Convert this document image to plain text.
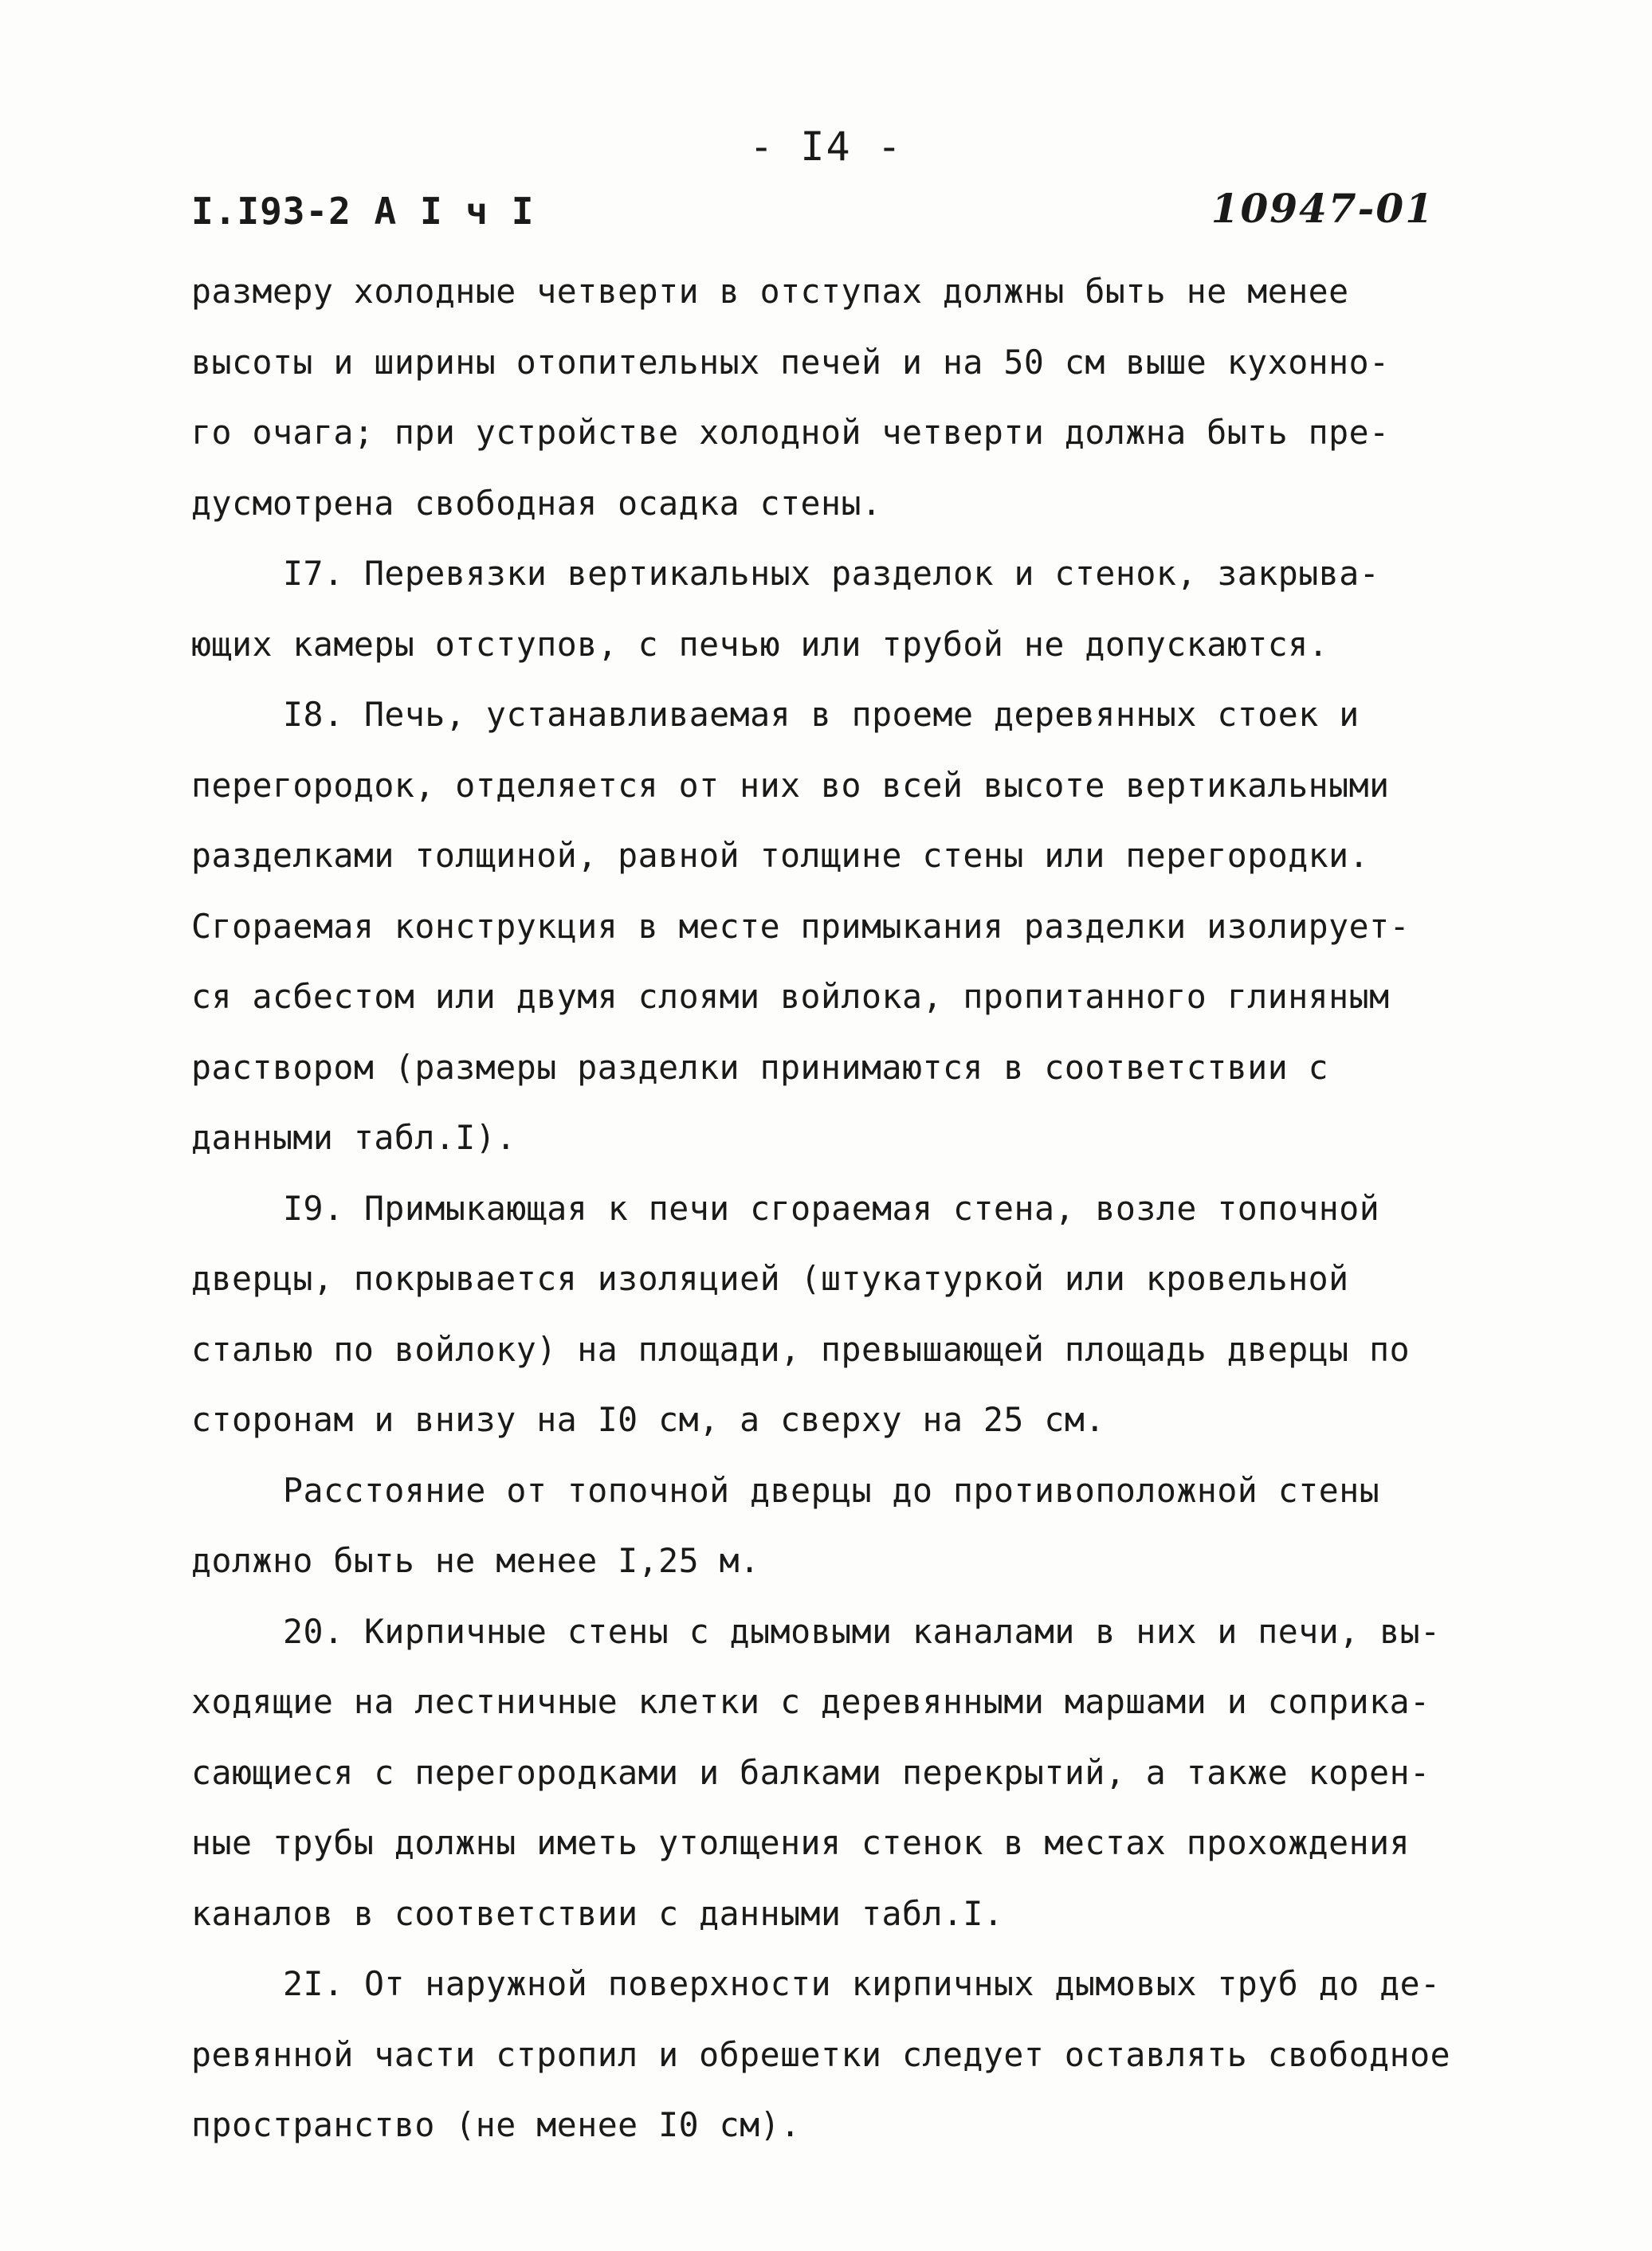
- I4 -
I.I93-2 А I ч I	10947-01
размеру холодные четверти в отступах должны быть не менее
высоты и ширины отопительных печей и на 50 см выше кухонно-
го очага; при устройстве холодной четверти должна быть пре-
дусмотрена свободная осадка стены.
I7. Перевязки вертикальных разделок и стенок, закрыва-
ющих камеры отступов, с печью или трубой не допускаются.
I8. Печь, устанавливаемая в проеме деревянных стоек и
перегородок, отделяется от них во всей высоте вертикальными
разделками толщиной, равной толщине стены или перегородки.
Сгораемая конструкция в месте примыкания разделки изолирует-
ся асбестом или двумя слоями войлока, пропитанного глиняным
раствором (размеры разделки принимаются в соответствии с
данными табл.I).
I9. Примыкающая к печи сгораемая стена, возле топочной
дверцы, покрывается изоляцией (штукатуркой или кровельной
сталью по войлоку) на площади, превышающей площадь дверцы по
сторонам и внизу на I0 см, а сверху на 25 см.
Расстояние от топочной дверцы до противоположной стены
должно быть не менее I,25 м.
20. Кирпичные стены с дымовыми каналами в них и печи, вы-
ходящие на лестничные клетки с деревянными маршами и соприка-
сающиеся с перегородками и балками перекрытий, а также корен-
ные трубы должны иметь утолщения стенок в местах прохождения
каналов в соответствии с данными табл.I.
2I. От наружной поверхности кирпичных дымовых труб до де-
ревянной части стропил и обрешетки следует оставлять свободное
пространство (не менее I0 см).
